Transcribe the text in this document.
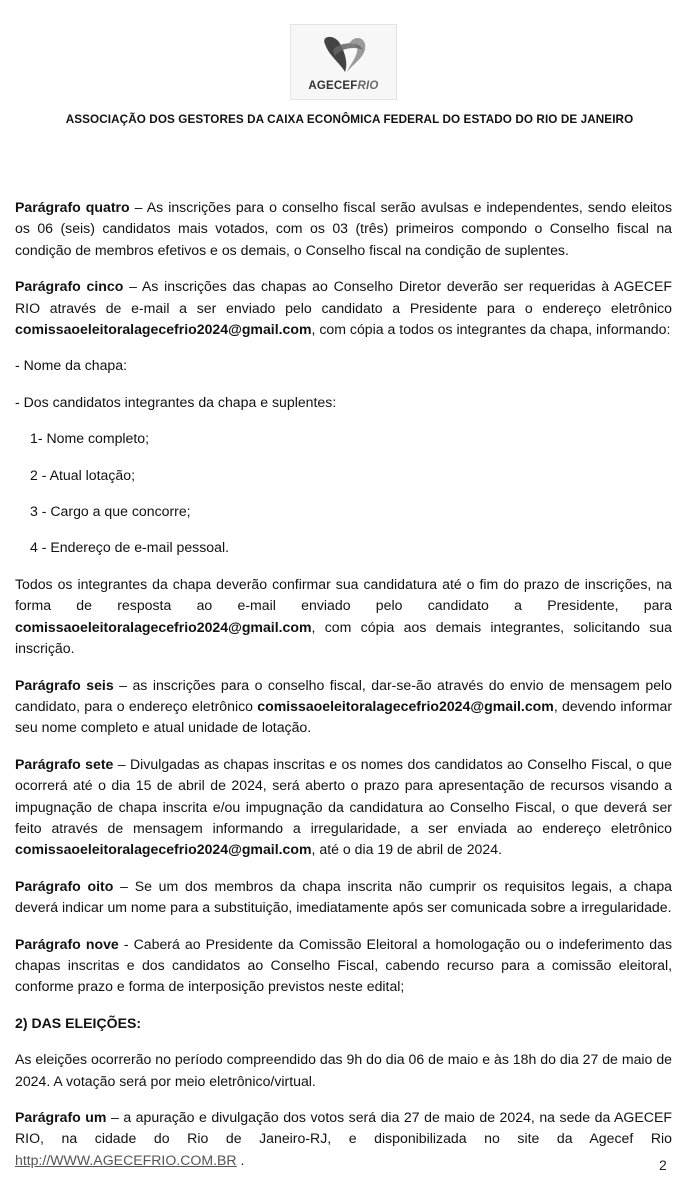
AGECEFRIO
ASSOCIAÇÃO DOS GESTORES DA CAIXA ECONÔMICA FEDERAL DO ESTADO DO RIO DE JANEIRO

Parágrafo quatro – As inscrições para o conselho fiscal serão avulsas e independentes, sendo eleitos os 06 (seis) candidatos mais votados, com os 03 (três) primeiros compondo o Conselho fiscal na condição de membros efetivos e os demais, o Conselho fiscal na condição de suplentes.

Parágrafo cinco – As inscrições das chapas ao Conselho Diretor deverão ser requeridas à AGECEF RIO através de e-mail a ser enviado pelo candidato a Presidente para o endereço eletrônico comissaoeleitoralagecefrio2024@gmail.com, com cópia a todos os integrantes da chapa, informando:

- Nome da chapa:

- Dos candidatos integrantes da chapa e suplentes:

1- Nome completo;

2 - Atual lotação;

3 - Cargo a que concorre;

4 - Endereço de e-mail pessoal.

Todos os integrantes da chapa deverão confirmar sua candidatura até o fim do prazo de inscrições, na forma de resposta ao e-mail enviado pelo candidato a Presidente, para comissaoeleitoralagecefrio2024@gmail.com, com cópia aos demais integrantes, solicitando sua inscrição.

Parágrafo seis – as inscrições para o conselho fiscal, dar-se-ão através do envio de mensagem pelo candidato, para o endereço eletrônico comissaoeleitoralagecefrio2024@gmail.com, devendo informar seu nome completo e atual unidade de lotação.

Parágrafo sete – Divulgadas as chapas inscritas e os nomes dos candidatos ao Conselho Fiscal, o que ocorrerá até o dia 15 de abril de 2024, será aberto o prazo para apresentação de recursos visando a impugnação de chapa inscrita e/ou impugnação da candidatura ao Conselho Fiscal, o que deverá ser feito através de mensagem informando a irregularidade, a ser enviada ao endereço eletrônico comissaoeleitoralagecefrio2024@gmail.com, até o dia 19 de abril de 2024.

Parágrafo oito – Se um dos membros da chapa inscrita não cumprir os requisitos legais, a chapa deverá indicar um nome para a substituição, imediatamente após ser comunicada sobre a irregularidade.

Parágrafo nove - Caberá ao Presidente da Comissão Eleitoral a homologação ou o indeferimento das chapas inscritas e dos candidatos ao Conselho Fiscal, cabendo recurso para a comissão eleitoral, conforme prazo e forma de interposição previstos neste edital;

2) DAS ELEIÇÕES:

As eleições ocorrerão no período compreendido das 9h do dia 06 de maio e às 18h do dia 27 de maio de 2024. A votação será por meio eletrônico/virtual.

Parágrafo um – a apuração e divulgação dos votos será dia 27 de maio de 2024, na sede da AGECEF RIO, na cidade do Rio de Janeiro-RJ, e disponibilizada no site da Agecef Rio http://WWW.AGECEFRIO.COM.BR .	2
